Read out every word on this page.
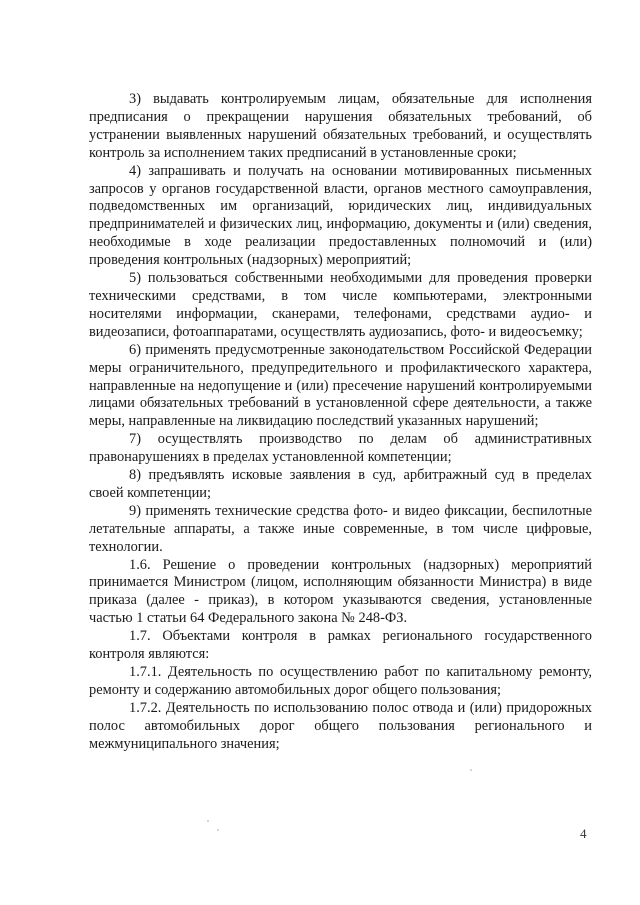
3) выдавать контролируемым лицам, обязательные для исполнения предписания о прекращении нарушения обязательных требований, об устранении выявленных нарушений обязательных требований, и осуществлять контроль за исполнением таких предписаний в установленные сроки;

4) запрашивать и получать на основании мотивированных письменных запросов у органов государственной власти, органов местного самоуправления, подведомственных им организаций, юридических лиц, индивидуальных предпринимателей и физических лиц, информацию, документы и (или) сведения, необходимые в ходе реализации предоставленных полномочий и (или) проведения контрольных (надзорных) мероприятий;

5) пользоваться собственными необходимыми для проведения проверки техническими средствами, в том числе компьютерами, электронными носителями информации, сканерами, телефонами, средствами аудио- и видеозаписи, фотоаппаратами, осуществлять аудиозапись, фото- и видеосъемку;

6) применять предусмотренные законодательством Российской Федерации меры ограничительного, предупредительного и профилактического характера, направленные на недопущение и (или) пресечение нарушений контролируемыми лицами обязательных требований в установленной сфере деятельности, а также меры, направленные на ликвидацию последствий указанных нарушений;

7) осуществлять производство по делам об административных правонарушениях в пределах установленной компетенции;

8) предъявлять исковые заявления в суд, арбитражный суд в пределах своей компетенции;

9) применять технические средства фото- и видео фиксации, беспилотные летательные аппараты, а также иные современные, в том числе цифровые, технологии.

1.6. Решение о проведении контрольных (надзорных) мероприятий принимается Министром (лицом, исполняющим обязанности Министра) в виде приказа (далее - приказ), в котором указываются сведения, установленные частью 1 статьи 64 Федерального закона № 248-ФЗ.

1.7. Объектами контроля в рамках регионального государственного контроля являются:

1.7.1. Деятельность по осуществлению работ по капитальному ремонту, ремонту и содержанию автомобильных дорог общего пользования;

1.7.2. Деятельность по использованию полос отвода и (или) придорожных полос автомобильных дорог общего пользования регионального и межмуниципального значения;

4
